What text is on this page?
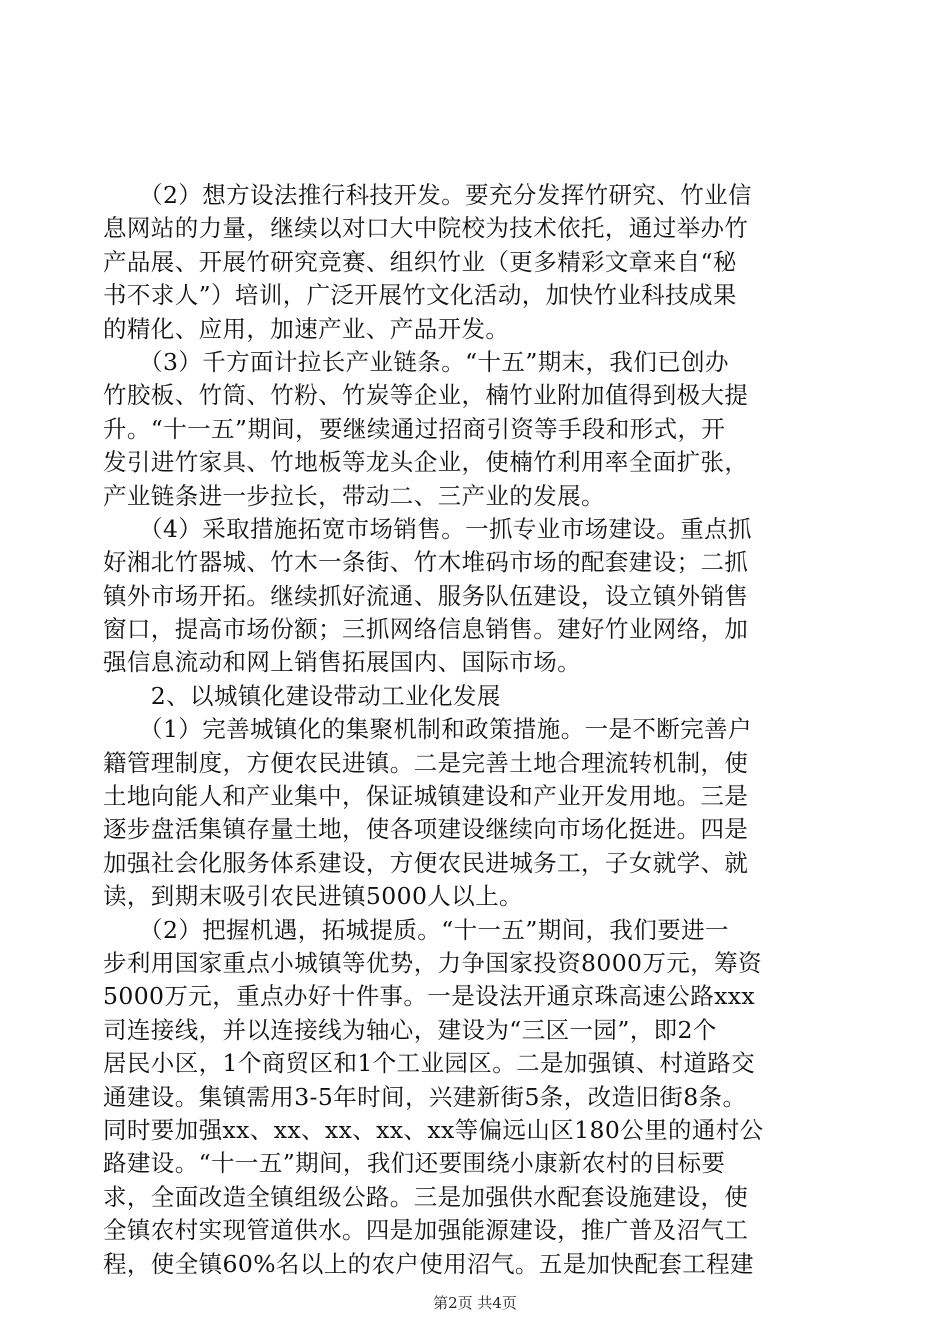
　　（2）想方设法推行科技开发。要充分发挥竹研究、竹业信
息网站的力量，继续以对口大中院校为技术依托，通过举办竹
产品展、开展竹研究竞赛、组织竹业（更多精彩文章来自“秘
书不求人”）培训，广泛开展竹文化活动，加快竹业科技成果
的精化、应用，加速产业、产品开发。
　　（3）千方面计拉长产业链条。“十五”期末，我们已创办
竹胶板、竹筒、竹粉、竹炭等企业，楠竹业附加值得到极大提
升。“十一五”期间，要继续通过招商引资等手段和形式，开
发引进竹家具、竹地板等龙头企业，使楠竹利用率全面扩张，
产业链条进一步拉长，带动二、三产业的发展。
　　（4）采取措施拓宽市场销售。一抓专业市场建设。重点抓
好湘北竹器城、竹木一条街、竹木堆码市场的配套建设；二抓
镇外市场开拓。继续抓好流通、服务队伍建设，设立镇外销售
窗口，提高市场份额；三抓网络信息销售。建好竹业网络，加
强信息流动和网上销售拓展国内、国际市场。
　　2、以城镇化建设带动工业化发展
　　（1）完善城镇化的集聚机制和政策措施。一是不断完善户
籍管理制度，方便农民进镇。二是完善土地合理流转机制，使
土地向能人和产业集中，保证城镇建设和产业开发用地。三是
逐步盘活集镇存量土地，使各项建设继续向市场化挺进。四是
加强社会化服务体系建设，方便农民进城务工，子女就学、就
读，到期末吸引农民进镇5000人以上。
　　（2）把握机遇，拓城提质。“十一五”期间，我们要进一
步利用国家重点小城镇等优势，力争国家投资8000万元，筹资
5000万元，重点办好十件事。一是设法开通京珠高速公路xxx
司连接线，并以连接线为轴心，建设为“三区一园”，即2个
居民小区，1个商贸区和1个工业园区。二是加强镇、村道路交
通建设。集镇需用3-5年时间，兴建新街5条，改造旧街8条。
同时要加强xx、xx、xx、xx、xx等偏远山区180公里的通村公
路建设。“十一五”期间，我们还要围绕小康新农村的目标要
求，全面改造全镇组级公路。三是加强供水配套设施建设，使
全镇农村实现管道供水。四是加强能源建设，推广普及沼气工
程，使全镇60%名以上的农户使用沼气。五是加快配套工程建
第2页 共4页
